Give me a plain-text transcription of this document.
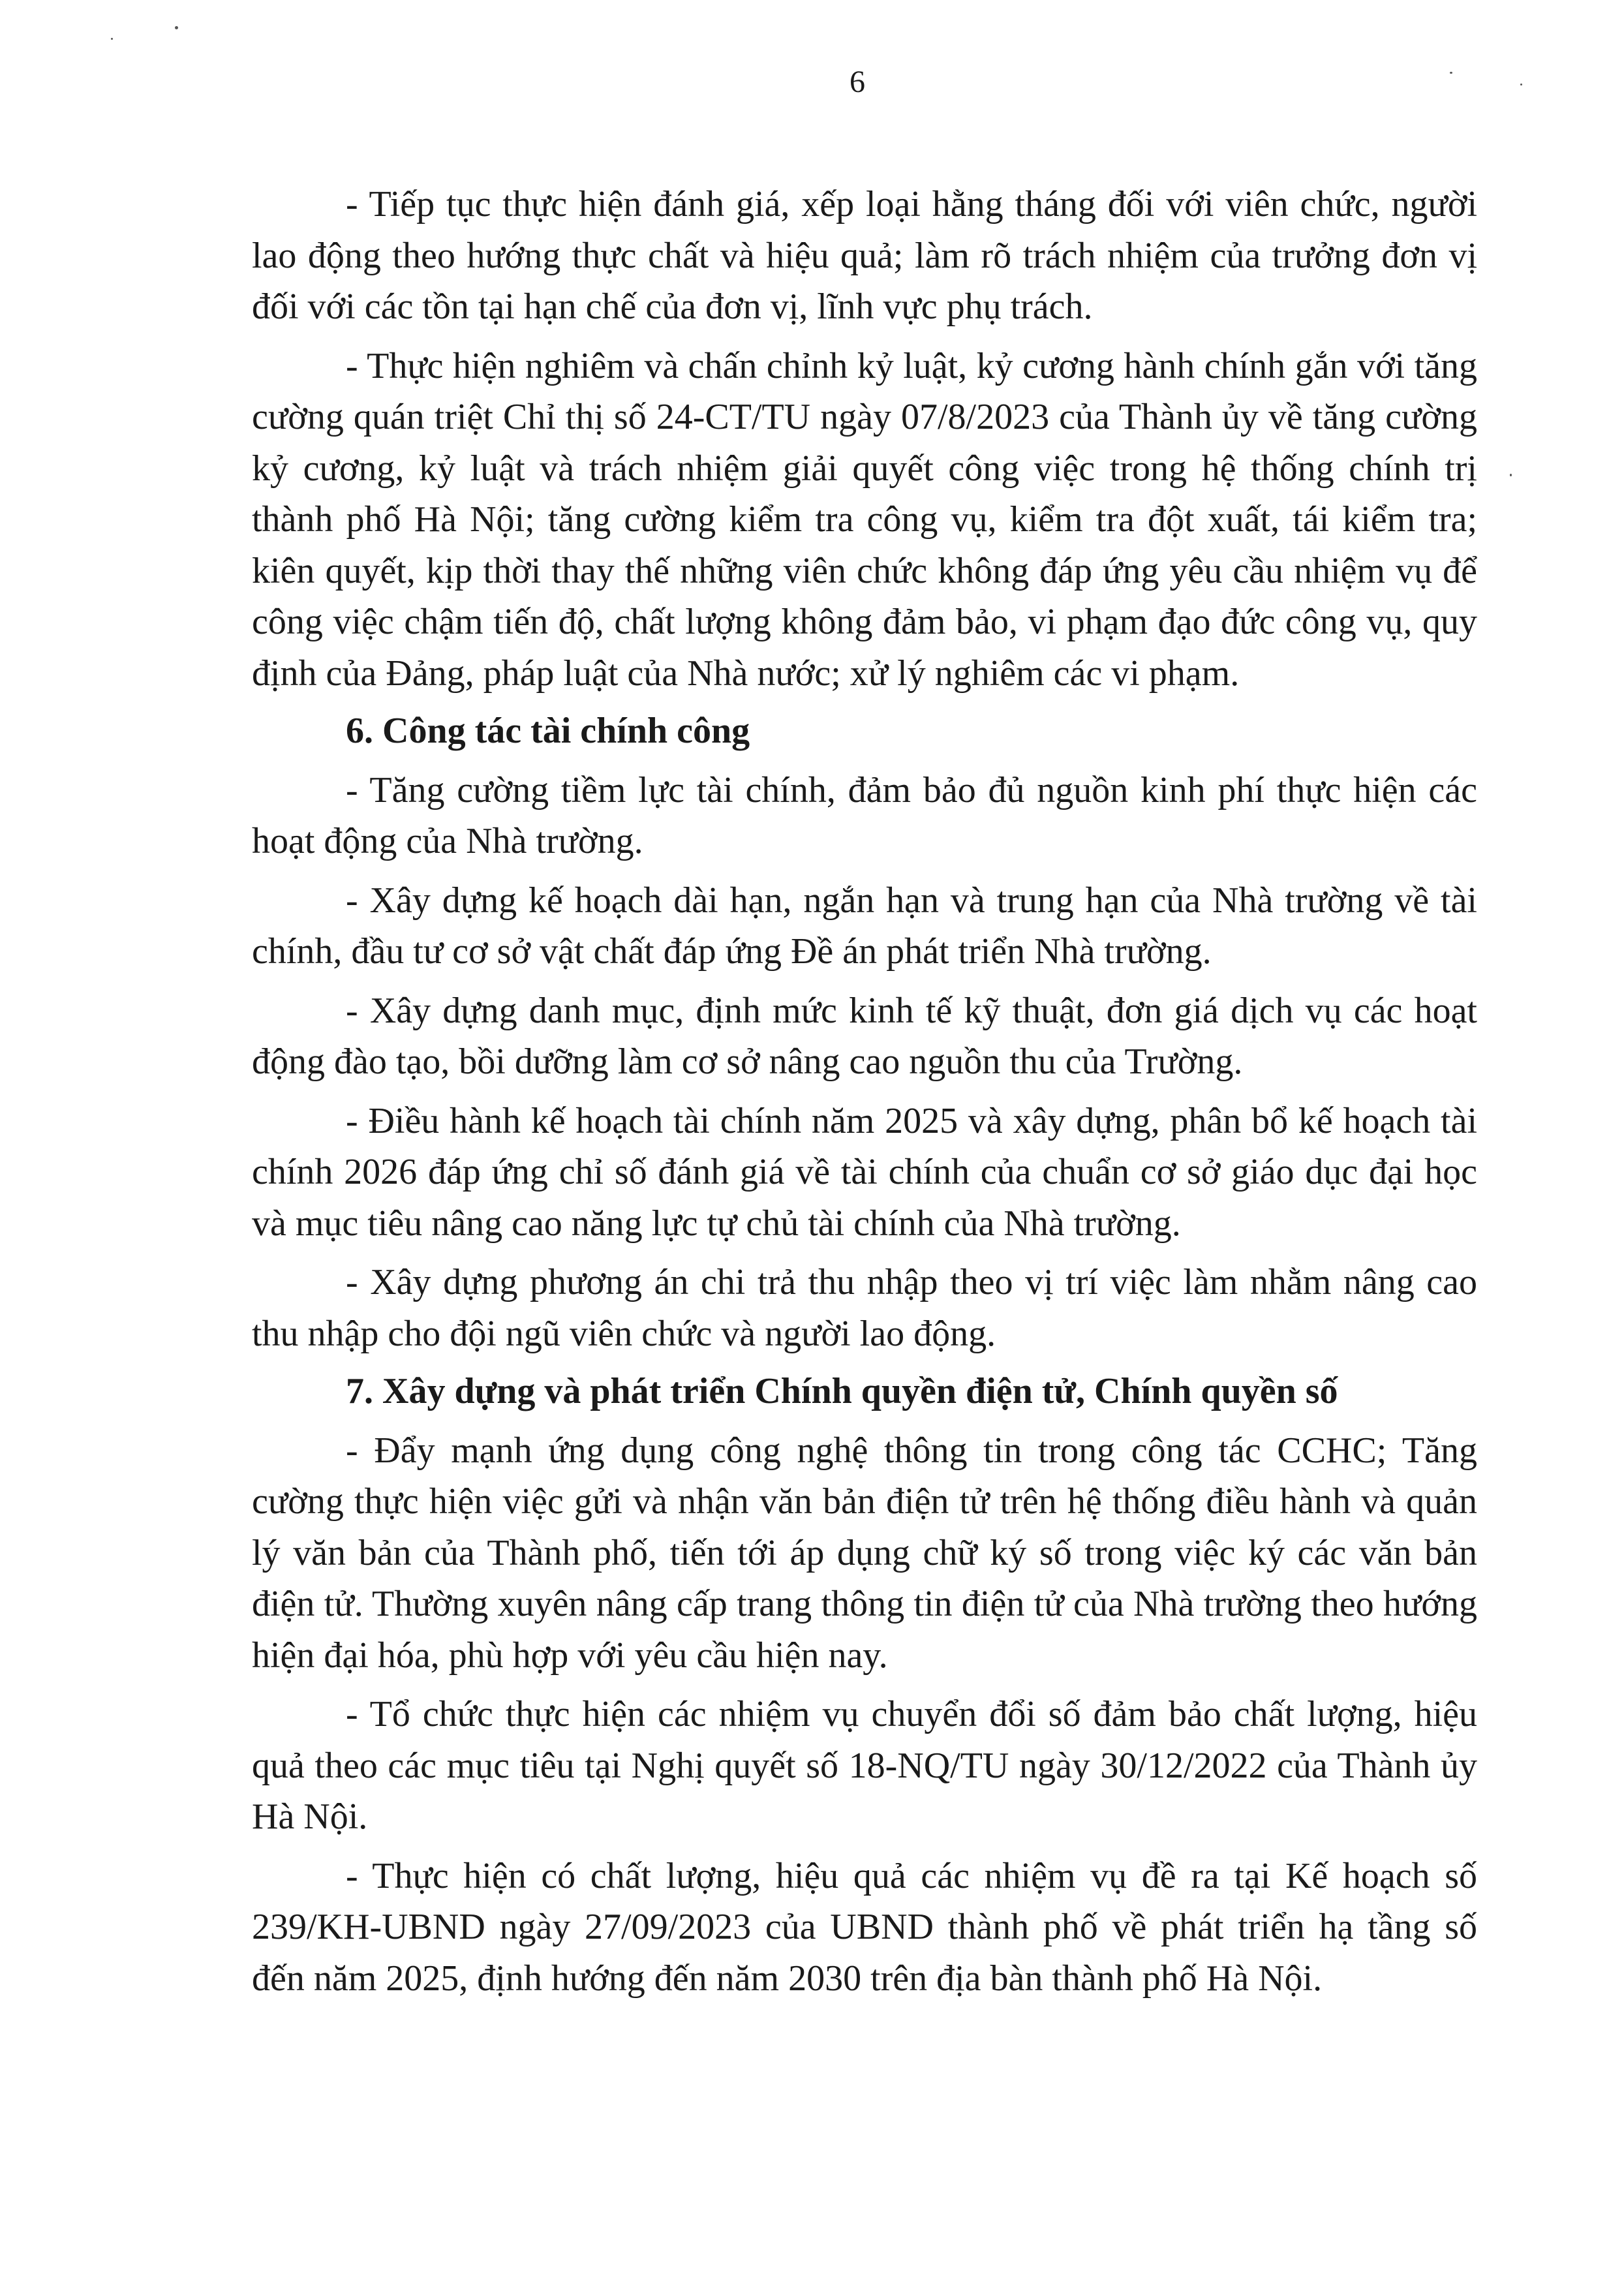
6

- Tiếp tục thực hiện đánh giá, xếp loại hằng tháng đối với viên chức, người lao động theo hướng thực chất và hiệu quả; làm rõ trách nhiệm của trưởng đơn vị đối với các tồn tại hạn chế của đơn vị, lĩnh vực phụ trách.

- Thực hiện nghiêm và chấn chỉnh kỷ luật, kỷ cương hành chính gắn với tăng cường quán triệt Chỉ thị số 24-CT/TU ngày 07/8/2023 của Thành ủy về tăng cường kỷ cương, kỷ luật và trách nhiệm giải quyết công việc trong hệ thống chính trị thành phố Hà Nội; tăng cường kiểm tra công vụ, kiểm tra đột xuất, tái kiểm tra; kiên quyết, kịp thời thay thế những viên chức không đáp ứng yêu cầu nhiệm vụ để công việc chậm tiến độ, chất lượng không đảm bảo, vi phạm đạo đức công vụ, quy định của Đảng, pháp luật của Nhà nước; xử lý nghiêm các vi phạm.

6. Công tác tài chính công

- Tăng cường tiềm lực tài chính, đảm bảo đủ nguồn kinh phí thực hiện các hoạt động của Nhà trường.

- Xây dựng kế hoạch dài hạn, ngắn hạn và trung hạn của Nhà trường về tài chính, đầu tư cơ sở vật chất đáp ứng Đề án phát triển Nhà trường.

- Xây dựng danh mục, định mức kinh tế kỹ thuật, đơn giá dịch vụ các hoạt động đào tạo, bồi dưỡng làm cơ sở nâng cao nguồn thu của Trường.

- Điều hành kế hoạch tài chính năm 2025 và xây dựng, phân bổ kế hoạch tài chính 2026 đáp ứng chỉ số đánh giá về tài chính của chuẩn cơ sở giáo dục đại học và mục tiêu nâng cao năng lực tự chủ tài chính của Nhà trường.

- Xây dựng phương án chi trả thu nhập theo vị trí việc làm nhằm nâng cao thu nhập cho đội ngũ viên chức và người lao động.

7. Xây dựng và phát triển Chính quyền điện tử, Chính quyền số

- Đẩy mạnh ứng dụng công nghệ thông tin trong công tác CCHC; Tăng cường thực hiện việc gửi và nhận văn bản điện tử trên hệ thống điều hành và quản lý văn bản của Thành phố, tiến tới áp dụng chữ ký số trong việc ký các văn bản điện tử. Thường xuyên nâng cấp trang thông tin điện tử của Nhà trường theo hướng hiện đại hóa, phù hợp với yêu cầu hiện nay.

- Tổ chức thực hiện các nhiệm vụ chuyển đổi số đảm bảo chất lượng, hiệu quả theo các mục tiêu tại Nghị quyết số 18-NQ/TU ngày 30/12/2022 của Thành ủy Hà Nội.

- Thực hiện có chất lượng, hiệu quả các nhiệm vụ đề ra tại Kế hoạch số 239/KH-UBND ngày 27/09/2023 của UBND thành phố về phát triển hạ tầng số đến năm 2025, định hướng đến năm 2030 trên địa bàn thành phố Hà Nội.
